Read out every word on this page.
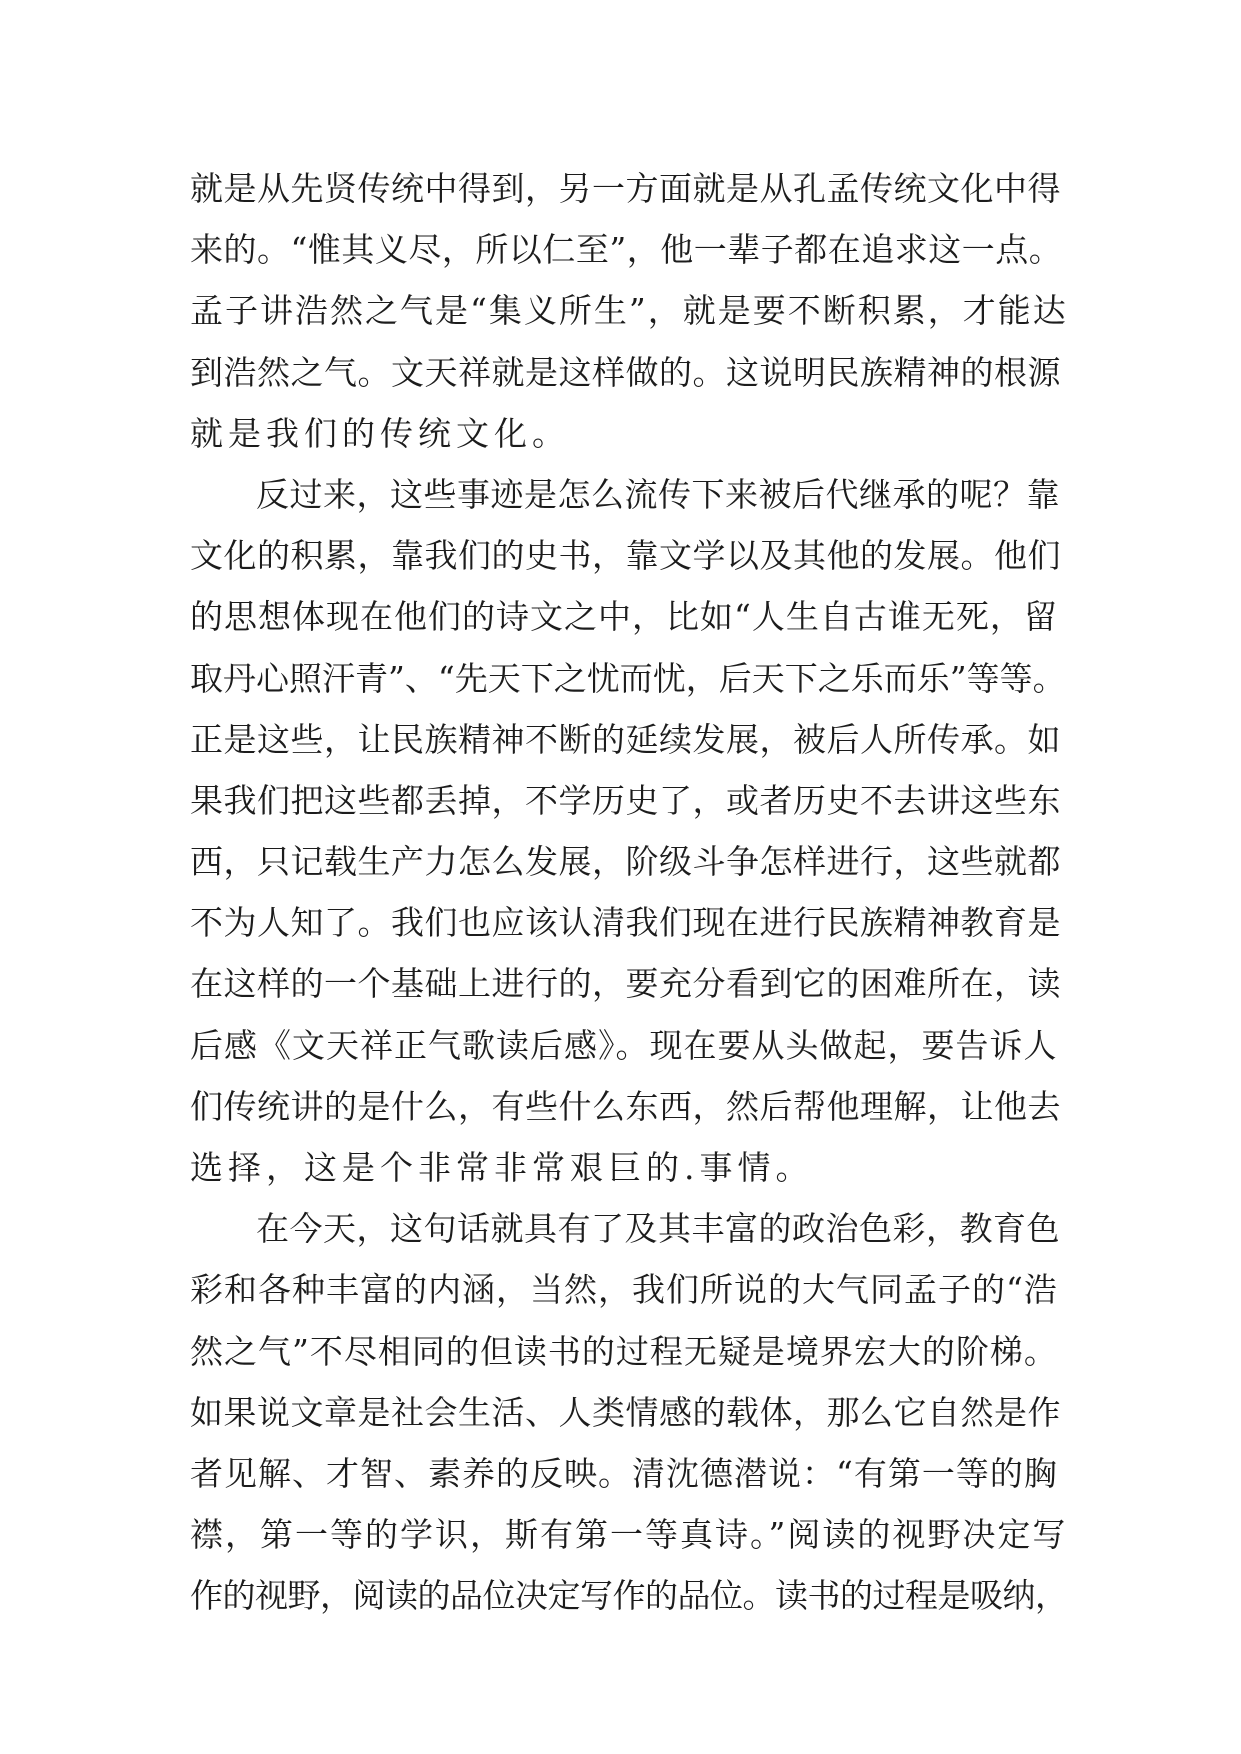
就是从先贤传统中得到，另一方面就是从孔孟传统文化中得
来的。“惟其义尽，所以仁至”，他一辈子都在追求这一点。
孟子讲浩然之气是“集义所生”，就是要不断积累，才能达
到浩然之气。文天祥就是这样做的。这说明民族精神的根源
就是我们的传统文化。
反过来，这些事迹是怎么流传下来被后代继承的呢？靠
文化的积累，靠我们的史书，靠文学以及其他的发展。他们
的思想体现在他们的诗文之中，比如“人生自古谁无死，留
取丹心照汗青”、“先天下之忧而忧，后天下之乐而乐”等等。
正是这些，让民族精神不断的延续发展，被后人所传承。如
果我们把这些都丢掉，不学历史了，或者历史不去讲这些东
西，只记载生产力怎么发展，阶级斗争怎样进行，这些就都
不为人知了。我们也应该认清我们现在进行民族精神教育是
在这样的一个基础上进行的，要充分看到它的困难所在，读
后感《文天祥正气歌读后感》。现在要从头做起，要告诉人
们传统讲的是什么，有些什么东西，然后帮他理解，让他去
选择，这是个非常非常艰巨的.事情。
在今天，这句话就具有了及其丰富的政治色彩，教育色
彩和各种丰富的内涵，当然，我们所说的大气同孟子的“浩
然之气”不尽相同的但读书的过程无疑是境界宏大的阶梯。
如果说文章是社会生活、人类情感的载体，那么它自然是作
者见解、才智、素养的反映。清沈德潜说：“有第一等的胸
襟，第一等的学识，斯有第一等真诗。”阅读的视野决定写
作的视野，阅读的品位决定写作的品位。读书的过程是吸纳，
